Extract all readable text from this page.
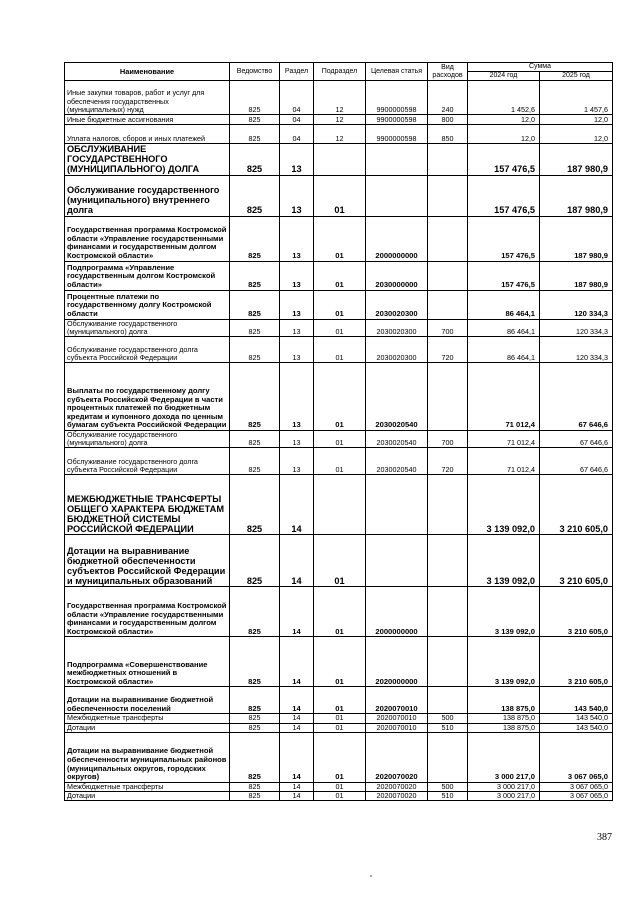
Наименование	Ведомство	Раздел	Подраздел	Целевая статья	Вид расходов	Сумма	
						2024 год	2025 год
Иные закупки товаров, работ и услуг для обеспечения государственных (муниципальных) нужд	825	04	12	9900000598	240	1 452,6	1 457,6
Иные бюджетные ассигнования	825	04	12	9900000598	800	12,0	12,0
Уплата налогов, сборов и иных платежей	825	04	12	9900000598	850	12,0	12,0
ОБСЛУЖИВАНИЕ ГОСУДАРСТВЕННОГО (МУНИЦИПАЛЬНОГО) ДОЛГА	825	13				157 476,5	187 980,9
Обслуживание государственного (муниципального) внутреннего долга	825	13	01			157 476,5	187 980,9
Государственная программа Костромской области «Управление государственными финансами и государственным долгом Костромской области»	825	13	01	2000000000		157 476,5	187 980,9
Подпрограмма «Управление государственным долгом Костромской области»	825	13	01	2030000000		157 476,5	187 980,9
Процентные платежи по государственному долгу Костромской области	825	13	01	2030020300		86 464,1	120 334,3
Обслуживание государственного (муниципального) долга	825	13	01	2030020300	700	86 464,1	120 334,3
Обслуживание государственного долга субъекта Российской Федерации	825	13	01	2030020300	720	86 464,1	120 334,3
Выплаты по государственному долгу субъекта Российской Федерации в части процентных платежей по бюджетным кредитам и купонного дохода по ценным бумагам субъекта Российской Федерации	825	13	01	2030020540		71 012,4	67 646,6
Обслуживание государственного (муниципального) долга	825	13	01	2030020540	700	71 012,4	67 646,6
Обслуживание государственного долга субъекта Российской Федерации	825	13	01	2030020540	720	71 012,4	67 646,6
МЕЖБЮДЖЕТНЫЕ ТРАНСФЕРТЫ ОБЩЕГО ХАРАКТЕРА БЮДЖЕТАМ БЮДЖЕТНОЙ СИСТЕМЫ РОССИЙСКОЙ ФЕДЕРАЦИИ	825	14				3 139 092,0	3 210 605,0
Дотации на выравнивание бюджетной обеспеченности субъектов Российской Федерации и муниципальных образований	825	14	01			3 139 092,0	3 210 605,0
Государственная программа Костромской области «Управление государственными финансами и государственным долгом Костромской области»	825	14	01	2000000000		3 139 092,0	3 210 605,0
Подпрограмма «Совершенствование межбюджетных отношений в Костромской области»	825	14	01	2020000000		3 139 092,0	3 210 605,0
Дотации на выравнивание бюджетной обеспеченности поселений	825	14	01	2020070010		138 875,0	143 540,0
Межбюджетные трансферты	825	14	01	2020070010	500	138 875,0	143 540,0
Дотации	825	14	01	2020070010	510	138 875,0	143 540,0
Дотации на выравнивание бюджетной обеспеченности муниципальных районов (муниципальных округов, городских округов)	825	14	01	2020070020		3 000 217,0	3 067 065,0
Межбюджетные трансферты	825	14	01	2020070020	500	3 000 217,0	3 067 065,0
Дотации	825	14	01	2020070020	510	3 000 217,0	3 067 065,0
387
